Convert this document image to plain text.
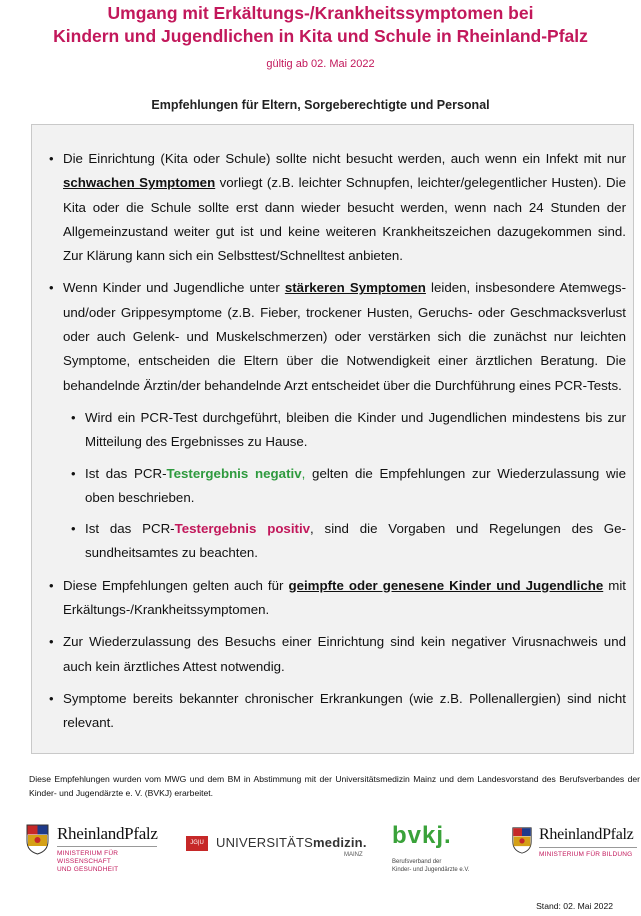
Umgang mit Erkältungs-/Krankheitssymptomen bei
Kindern und Jugendlichen in Kita und Schule in Rheinland-Pfalz
gültig ab 02. Mai 2022
Empfehlungen für Eltern, Sorgeberechtigte und Personal
• Die Einrichtung (Kita oder Schule) sollte nicht besucht werden, auch wenn ein Infekt mit nur schwachen Symptomen vorliegt (z.B. leichter Schnupfen, leichter/gelegentlicher Husten). Die Kita oder die Schule sollte erst dann wieder besucht werden, wenn nach 24 Stunden der Allgemeinzustand weiter gut ist und keine weiteren Krankheitszeichen dazugekommen sind. Zur Klärung kann sich ein Selbsttest/Schnelltest anbieten.
• Wenn Kinder und Jugendliche unter stärkeren Symptomen leiden, insbesondere Atemwegs- und/oder Grippesymptome (z.B. Fieber, trockener Husten, Geruchs- oder Geschmacksverlust oder auch Gelenk- und Muskelschmerzen) oder verstärken sich die zunächst nur leichten Symptome, entscheiden die Eltern über die Notwendigkeit einer ärztlichen Beratung. Die behandelnde Ärztin/der behandelnde Arzt entscheidet über die Durchführung eines PCR-Tests.
• Wird ein PCR-Test durchgeführt, bleiben die Kinder und Jugendlichen mindestens bis zur Mitteilung des Ergebnisses zu Hause.
• Ist das PCR-Testergebnis negativ, gelten die Empfehlungen zur Wiederzulassung wie oben beschrieben.
• Ist das PCR-Testergebnis positiv, sind die Vorgaben und Regelungen des Gesundheitsamtes zu beachten.
• Diese Empfehlungen gelten auch für geimpfte oder genesene Kinder und Jugendliche mit Erkältungs-/Krankheitssymptomen.
• Zur Wiederzulassung des Besuchs einer Einrichtung sind kein negativer Virusnachweis und auch kein ärztliches Attest notwendig.
• Symptome bereits bekannter chronischer Erkrankungen (wie z.B. Pollenallergien) sind nicht relevant.
Diese Empfehlungen wurden vom MWG und dem BM in Abstimmung mit der Universitätsmedizin Mainz und dem Landesvorstand des Berufsverbandes der Kinder- und Jugendärzte e. V. (BVKJ) erarbeitet.
RheinlandPfalz
MINISTERIUM FÜR
WISSENSCHAFT
UND GESUNDHEIT
JG|U UNIVERSITÄTSmedizin.
MAINZ
bvkj.
Berufsverband der
Kinder- und Jugendärzte e.V.
RheinlandPfalz
MINISTERIUM FÜR BILDUNG
Stand: 02. Mai 2022
